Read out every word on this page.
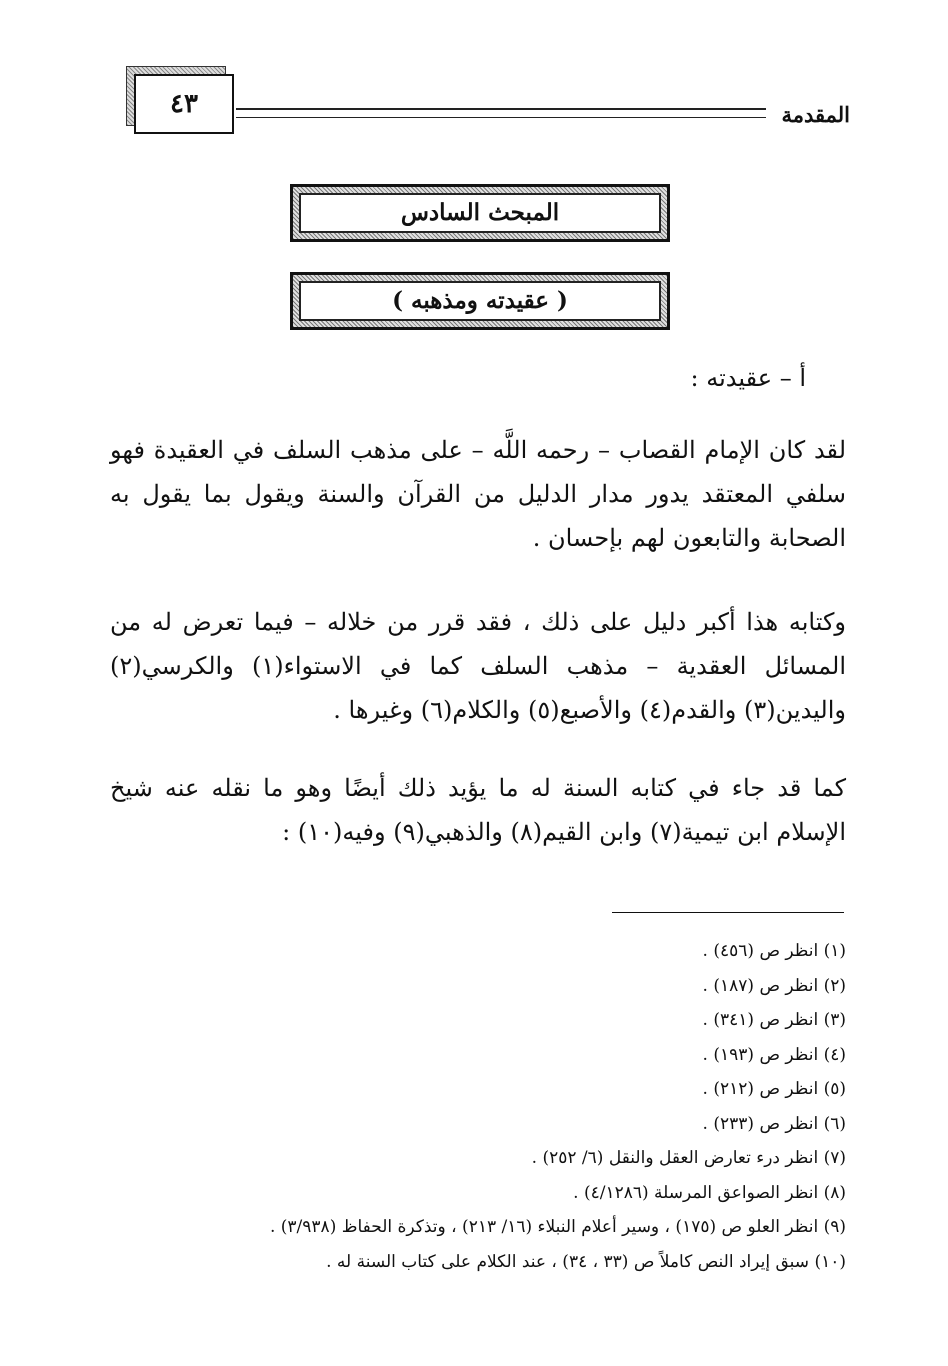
٤٣	المقدمة
المبحث السادس
( عقيدته ومذهبه )
أ – عقيدته :
لقد كان الإمام القصاب – رحمه اللَّه – على مذهب السلف في العقيدة فهو سلفي المعتقد يدور مدار الدليل من القرآن والسنة ويقول بما يقول به الصحابة والتابعون لهم بإحسان .
وكتابه هذا أكبر دليل على ذلك ، فقد قرر من خلاله – فيما تعرض له من المسائل العقدية – مذهب السلف كما في الاستواء(١) والكرسي(٢) واليدين(٣) والقدم(٤) والأصبع(٥) والكلام(٦) وغيرها .
كما قد جاء في كتابه السنة له ما يؤيد ذلك أيضًا وهو ما نقله عنه شيخ الإسلام ابن تيمية(٧) وابن القيم(٨) والذهبي(٩) وفيه(١٠) :
(١) انظر ص (٤٥٦) .
(٢) انظر ص (١٨٧) .
(٣) انظر ص (٣٤١) .
(٤) انظر ص (١٩٣) .
(٥) انظر ص (٢١٢) .
(٦) انظر ص (٢٣٣) .
(٧) انظر درء تعارض العقل والنقل (٦/ ٢٥٢) .
(٨) انظر الصواعق المرسلة (٤/١٢٨٦) .
(٩) انظر العلو ص (١٧٥) ، وسير أعلام النبلاء (١٦/ ٢١٣) ، وتذكرة الحفاظ (٣/٩٣٨) .
(١٠) سبق إيراد النص كاملاً ص (٣٣ ، ٣٤) ، عند الكلام على كتاب السنة له .
